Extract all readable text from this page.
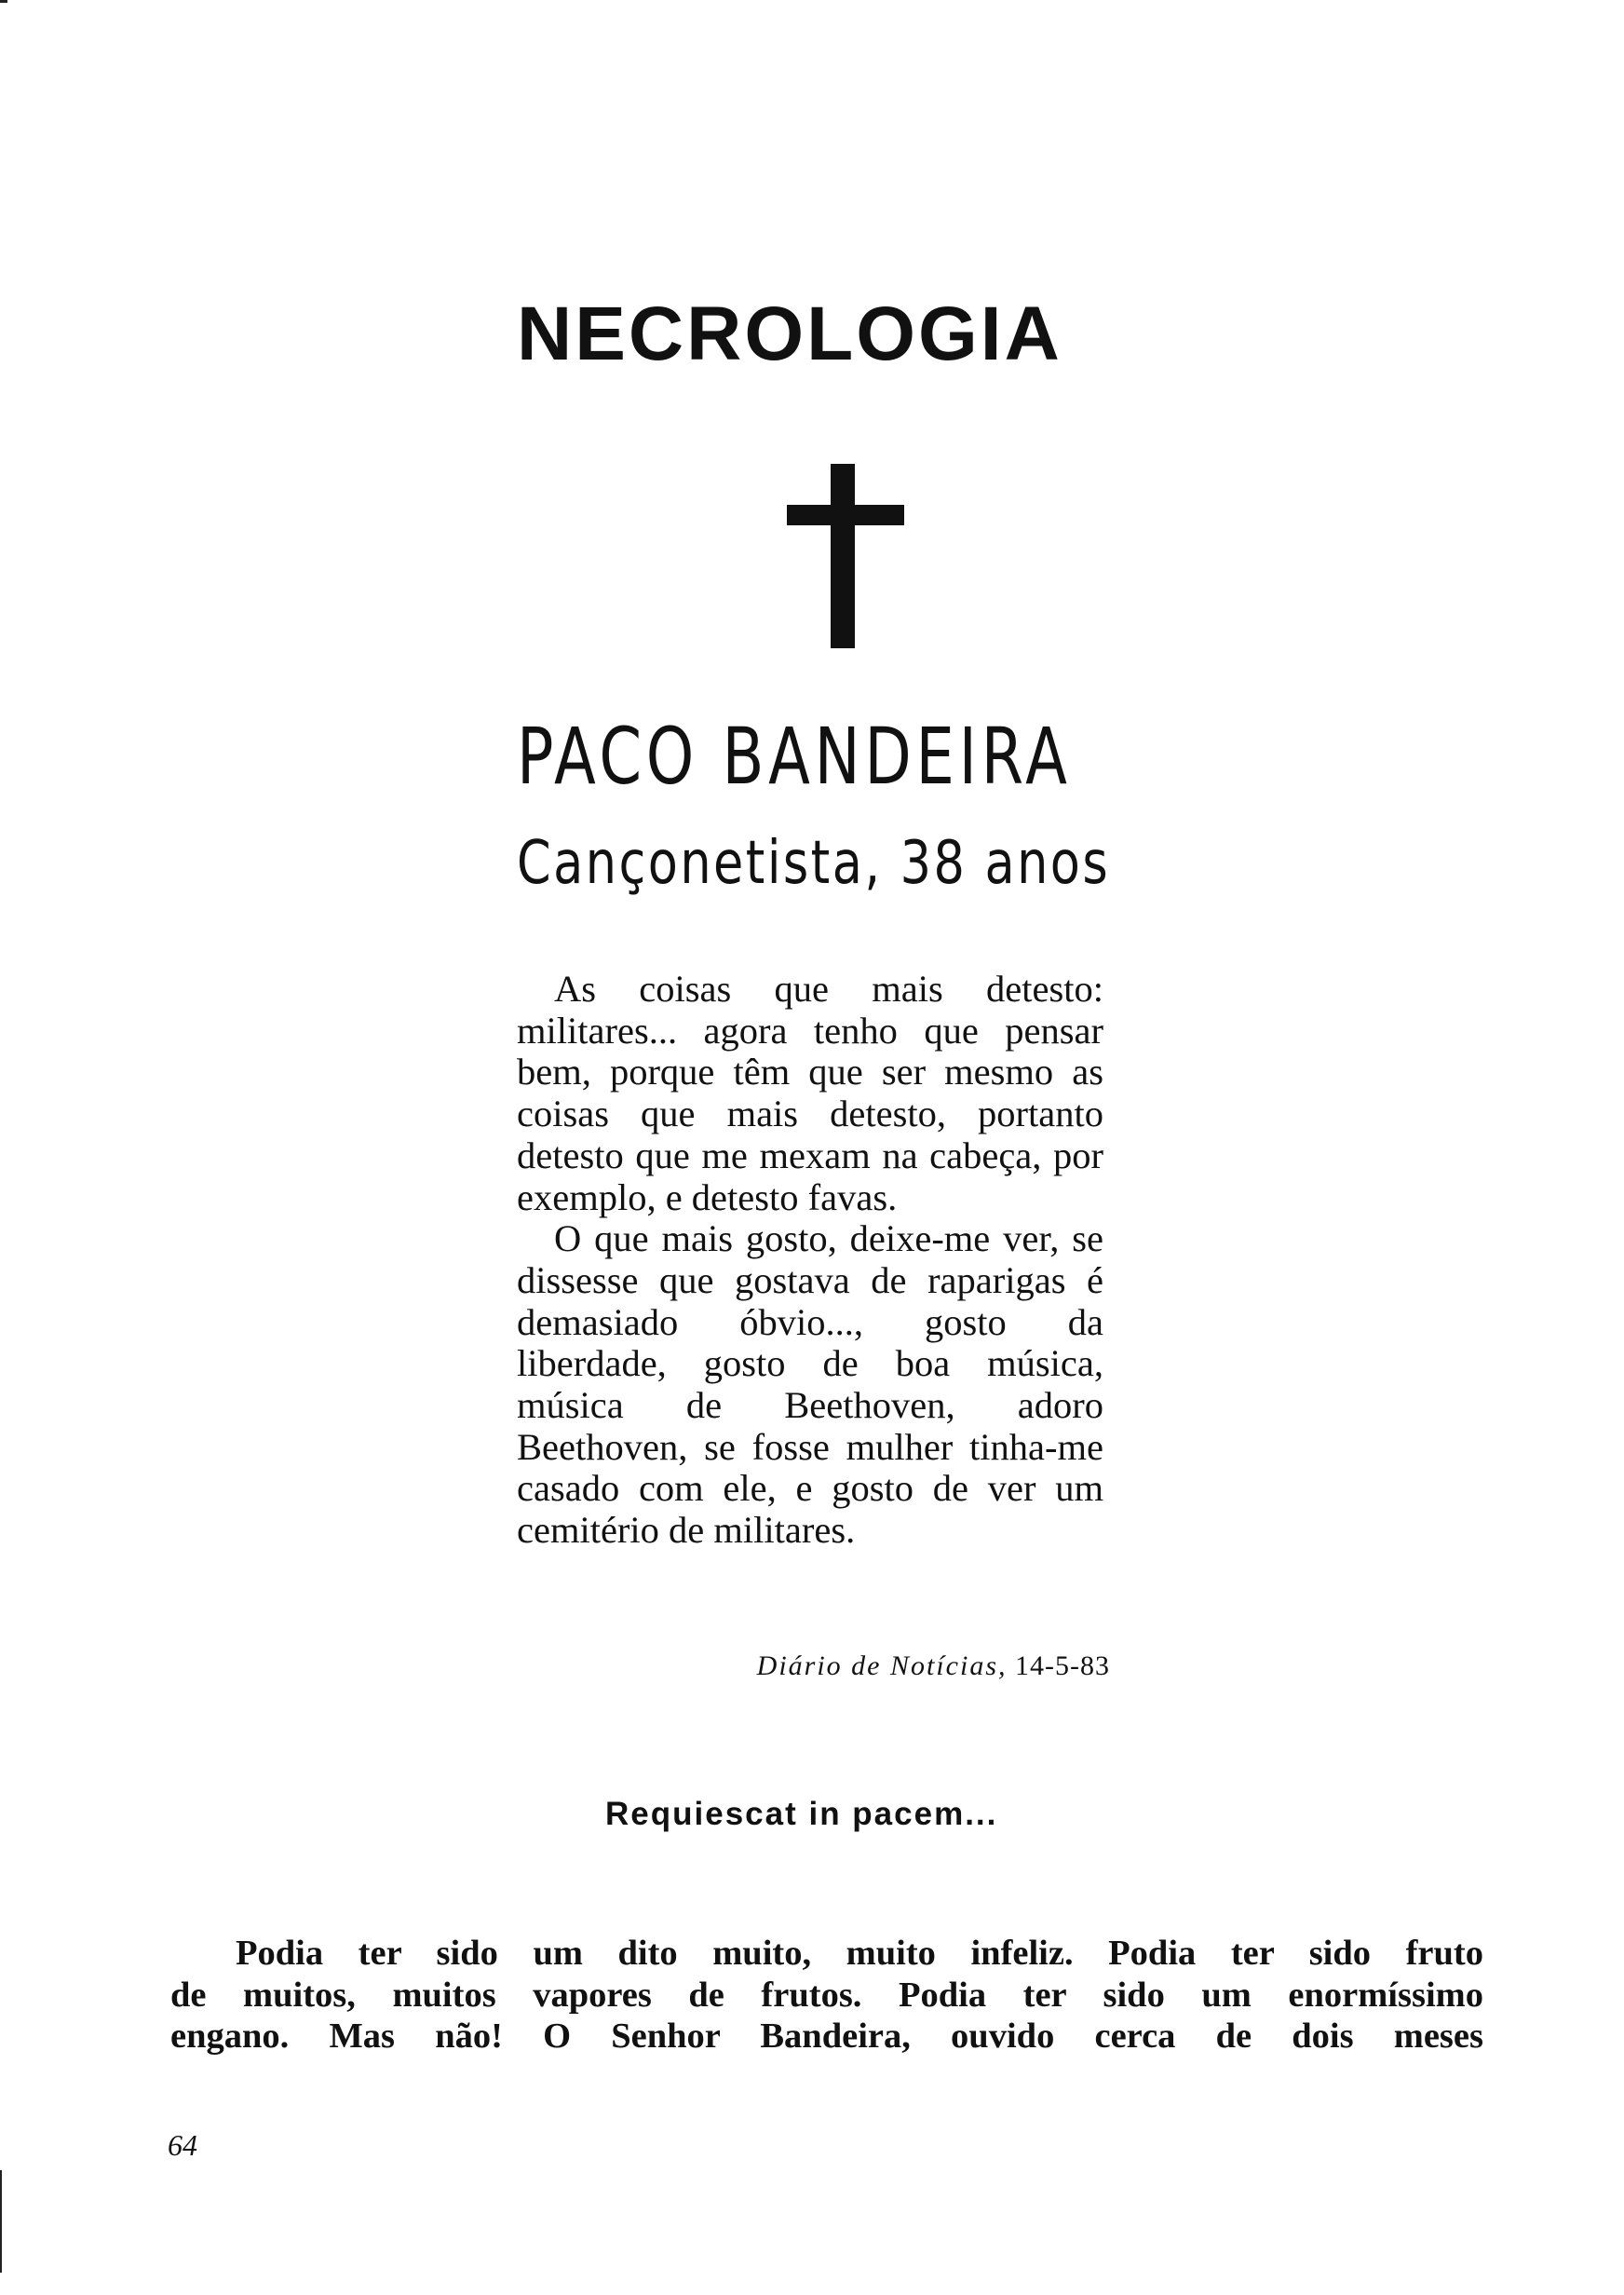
NECROLOGIA
PACO BANDEIRA
Cançonetista, 38 anos

As coisas que mais detesto: militares... agora tenho que pensar bem, porque têm que ser mesmo as coisas que mais detesto, portanto detesto que me mexam na cabeça, por exemplo, e detesto favas.

O que mais gosto, deixe-me ver, se dissesse que gostava de raparigas é demasiado óbvio..., gosto da liberdade, gosto de boa música, música de Beethoven, adoro Beethoven, se fosse mulher tinha-me casado com ele, e gosto de ver um cemitério de militares.

Diário de Notícias, 14-5-83
Requiescat in pacem...
Podia ter sido um dito muito, muito infeliz. Podia ter sido fruto
de muitos, muitos vapores de frutos. Podia ter sido um enormíssimo
engano. Mas não! O Senhor Bandeira, ouvido cerca de dois meses
64
